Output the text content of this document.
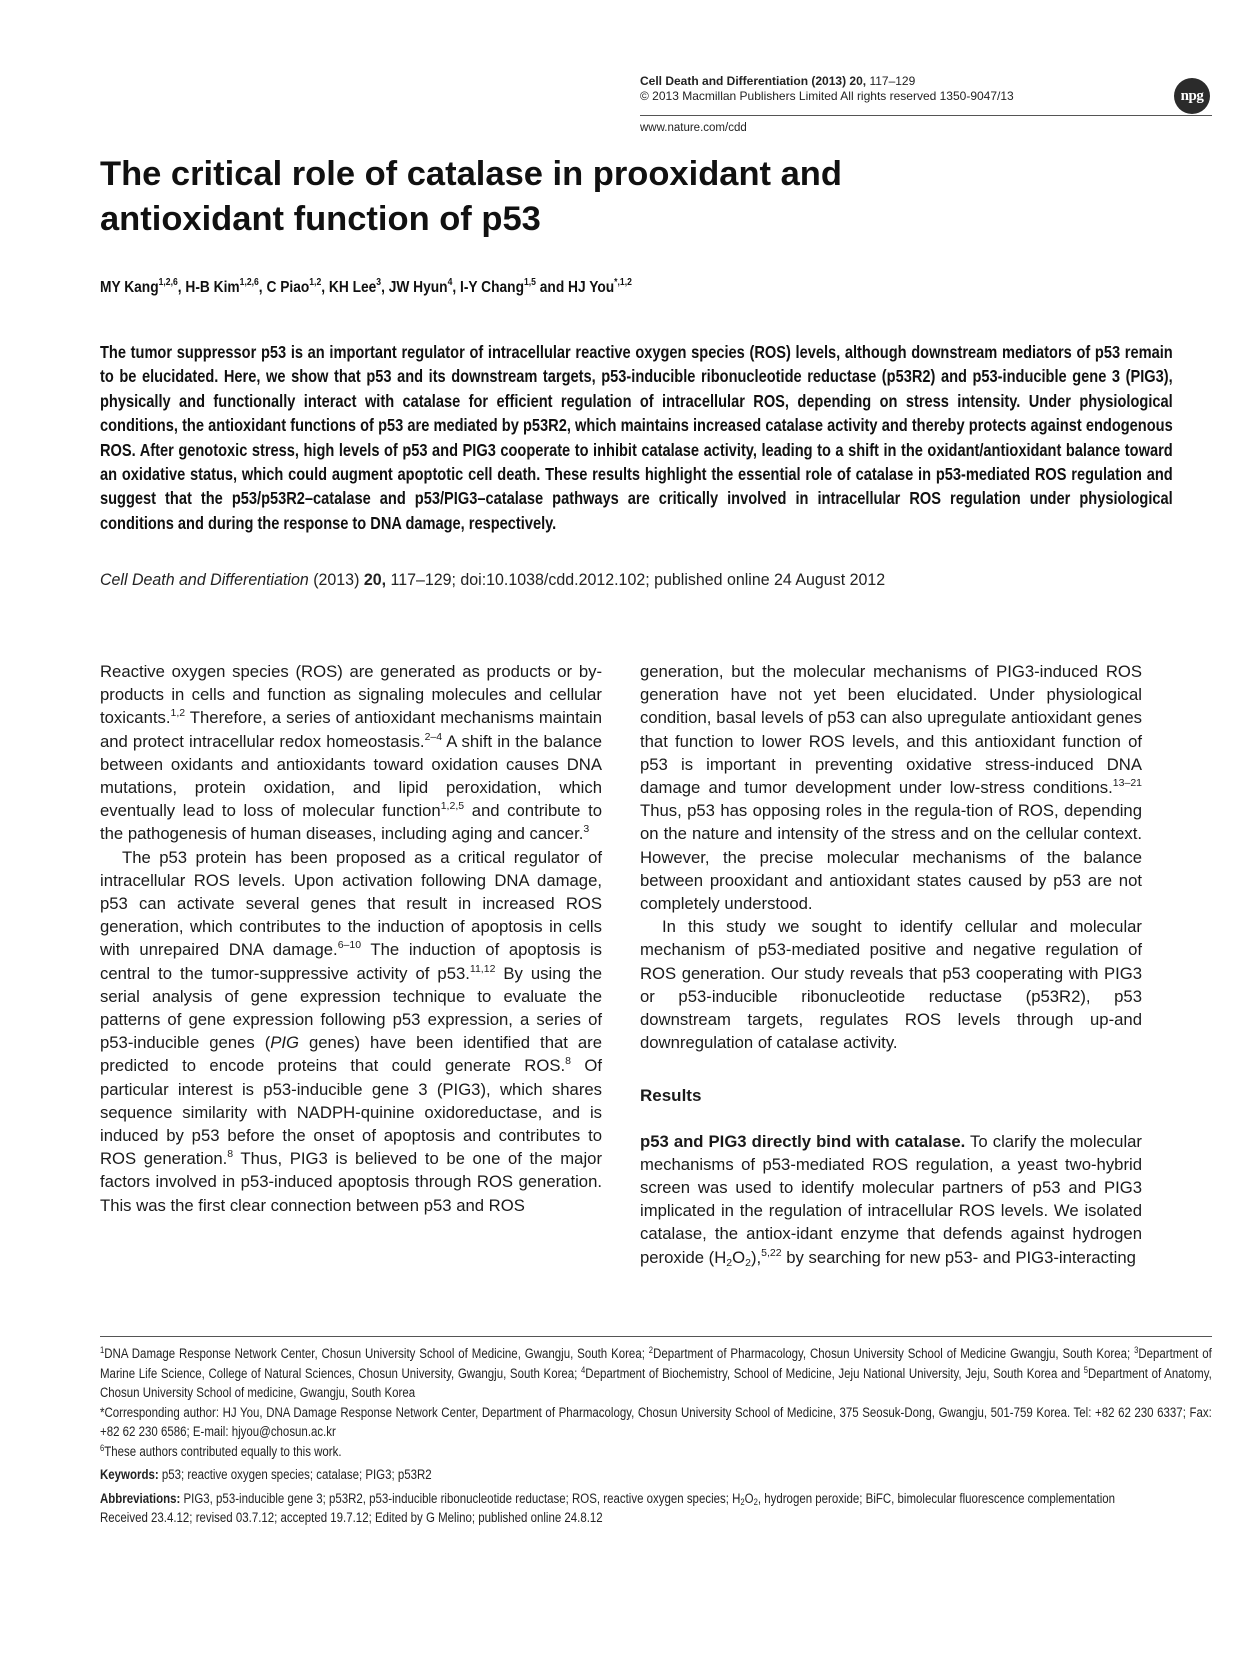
Cell Death and Differentiation (2013) 20, 117–129
© 2013 Macmillan Publishers Limited All rights reserved 1350-9047/13	npg
www.nature.com/cdd
The critical role of catalase in prooxidant and antioxidant function of p53
MY Kang$^{1,2,6}$, H-B Kim$^{1,2,6}$, C Piao$^{1,2}$, KH Lee$^3$, JW Hyun$^4$, I-Y Chang$^{1,5}$ and HJ You$^{*,1,2}$

The tumor suppressor p53 is an important regulator of intracellular reactive oxygen species (ROS) levels, although downstream mediators of p53 remain to be elucidated. Here, we show that p53 and its downstream targets, p53-inducible ribonucleotide reductase (p53R2) and p53-inducible gene 3 (PIG3), physically and functionally interact with catalase for efficient regulation of intracellular ROS, depending on stress intensity. Under physiological conditions, the antioxidant functions of p53 are mediated by p53R2, which maintains increased catalase activity and thereby protects against endogenous ROS. After genotoxic stress, high levels of p53 and PIG3 cooperate to inhibit catalase activity, leading to a shift in the oxidant/antioxidant balance toward an oxidative status, which could augment apoptotic cell death. These results highlight the essential role of catalase in p53-mediated ROS regulation and suggest that the p53/p53R2–catalase and p53/PIG3–catalase pathways are critically involved in intracellular ROS regulation under physiological conditions and during the response to DNA damage, respectively.

Cell Death and Differentiation (2013) 20, 117–129; doi:10.1038/cdd.2012.102; published online 24 August 2012

Reactive oxygen species (ROS) are generated as products or by-products in cells and function as signaling molecules and cellular toxicants.$^{1,2}$ Therefore, a series of antioxidant mechanisms maintain and protect intracellular redox homeostasis.$^{2-4}$ A shift in the balance between oxidants and antioxidants toward oxidation causes DNA mutations, protein oxidation, and lipid peroxidation, which eventually lead to loss of molecular function$^{1,2,5}$ and contribute to the pathogenesis of human diseases, including aging and cancer.$^3$

The p53 protein has been proposed as a critical regulator of intracellular ROS levels. Upon activation following DNA damage, p53 can activate several genes that result in increased ROS generation, which contributes to the induction of apoptosis in cells with unrepaired DNA damage.$^{6-10}$ The induction of apoptosis is central to the tumor-suppressive activity of p53.$^{11,12}$ By using the serial analysis of gene expression technique to evaluate the patterns of gene expression following p53 expression, a series of p53-inducible genes (PIG genes) have been identified that are predicted to encode proteins that could generate ROS.$^8$ Of particular interest is p53-inducible gene 3 (PIG3), which shares sequence similarity with NADPH-quinine oxidoreductase, and is induced by p53 before the onset of apoptosis and contributes to ROS generation.$^8$ Thus, PIG3 is believed to be one of the major factors involved in p53-induced apoptosis through ROS generation. This was the first clear connection between p53 and ROS

generation, but the molecular mechanisms of PIG3-induced ROS generation have not yet been elucidated. Under physiological condition, basal levels of p53 can also upregulate antioxidant genes that function to lower ROS levels, and this antioxidant function of p53 is important in preventing oxidative stress-induced DNA damage and tumor development under low-stress conditions.$^{13-21}$ Thus, p53 has opposing roles in the regula-tion of ROS, depending on the nature and intensity of the stress and on the cellular context. However, the precise molecular mechanisms of the balance between prooxidant and antioxidant states caused by p53 are not completely understood.

In this study we sought to identify cellular and molecular mechanism of p53-mediated positive and negative regulation of ROS generation. Our study reveals that p53 cooperating with PIG3 or p53-inducible ribonucleotide reductase (p53R2), p53 downstream targets, regulates ROS levels through up-and downregulation of catalase activity.

Results

p53 and PIG3 directly bind with catalase. To clarify the molecular mechanisms of p53-mediated ROS regulation, a yeast two-hybrid screen was used to identify molecular partners of p53 and PIG3 implicated in the regulation of intracellular ROS levels. We isolated catalase, the antiox-idant enzyme that defends against hydrogen peroxide $(H_2O_2),^{5,22}$ by searching for new p53- and PIG3-interacting

$^1$DNA Damage Response Network Center, Chosun University School of Medicine, Gwangju, South Korea; $^2$Department of Pharmacology, Chosun University School of Medicine Gwangju, South Korea; $^3$Department of Marine Life Science, College of Natural Sciences, Chosun University, Gwangju, South Korea; $^4$Department of Biochemistry, School of Medicine, Jeju National University, Jeju, South Korea and $^5$Department of Anatomy, Chosun University School of medicine, Gwangju, South Korea

*Corresponding author: HJ You, DNA Damage Response Network Center, Department of Pharmacology, Chosun University School of Medicine, 375 Seosuk-Dong, Gwangju, 501-759 Korea. Tel: +82 62 230 6337; Fax: +82 62 230 6586; E-mail: hjyou@chosun.ac.kr

$^6$These authors contributed equally to this work.

Keywords: p53; reactive oxygen species; catalase; PIG3; p53R2

Abbreviations: PIG3, p53-inducible gene 3; p53R2, p53-inducible ribonucleotide reductase; ROS, reactive oxygen species; $H_2O_2$, hydrogen peroxide; BiFC, bimolecular fluorescence complementation

Received 23.4.12; revised 03.7.12; accepted 19.7.12; Edited by G Melino; published online 24.8.12
